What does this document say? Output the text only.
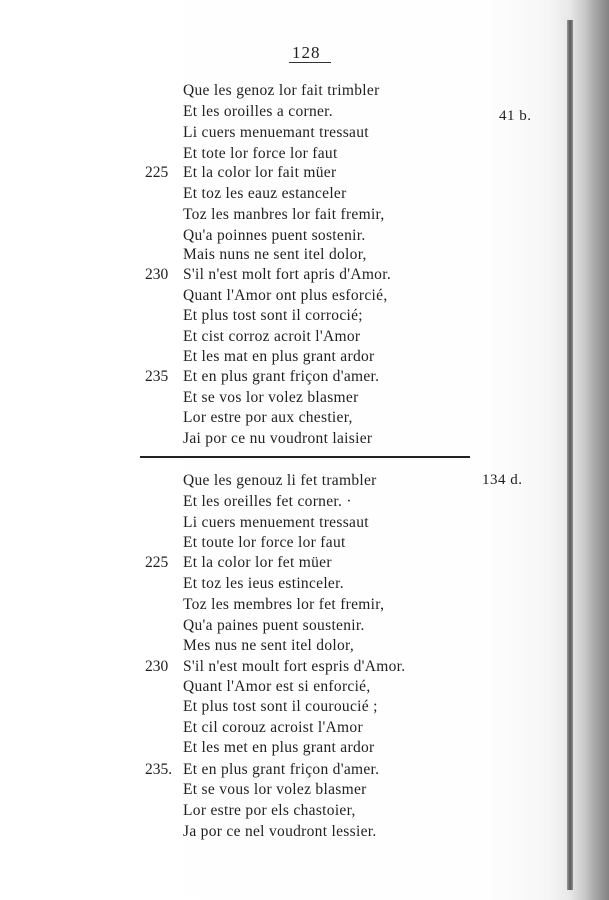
128
41 b.
Que les genoz lor fait trimbler
Et les oroilles a corner.
Li cuers menuemant tressaut
Et tote lor force lor faut
225 Et la color lor fait müer
Et toz les eauz estanceler
Toz les manbres lor fait fremir,
Qu'a poinnes puent sostenir.
Mais nuns ne sent itel dolor,
230 S'il n'est molt fort apris d'Amor.
Quant l'Amor ont plus esforcié,
Et plus tost sont il corrocié;
Et cist corroz acroit l'Amor
Et les mat en plus grant ardor
235 Et en plus grant friçon d'amer.
Et se vos lor volez blasmer
Lor estre por aux chestier,
Jai por ce nu voudront laisier
134 d.
Que les genouz li fet trambler
Et les oreilles fet corner. ·
Li cuers menuement tressaut
Et toute lor force lor faut
225 Et la color lor fet müer
Et toz les ieus estinceler.
Toz les membres lor fet fremir,
Qu'a paines puent soustenir.
Mes nus ne sent itel dolor,
230 S'il n'est moult fort espris d'Amor.
Quant l'Amor est si enforcié,
Et plus tost sont il couroucié ;
Et cil corouz acroist l'Amor
Et les met en plus grant ardor
235. Et en plus grant friçon d'amer.
Et se vous lor volez blasmer
Lor estre por els chastoier,
Ja por ce nel voudront lessier.
